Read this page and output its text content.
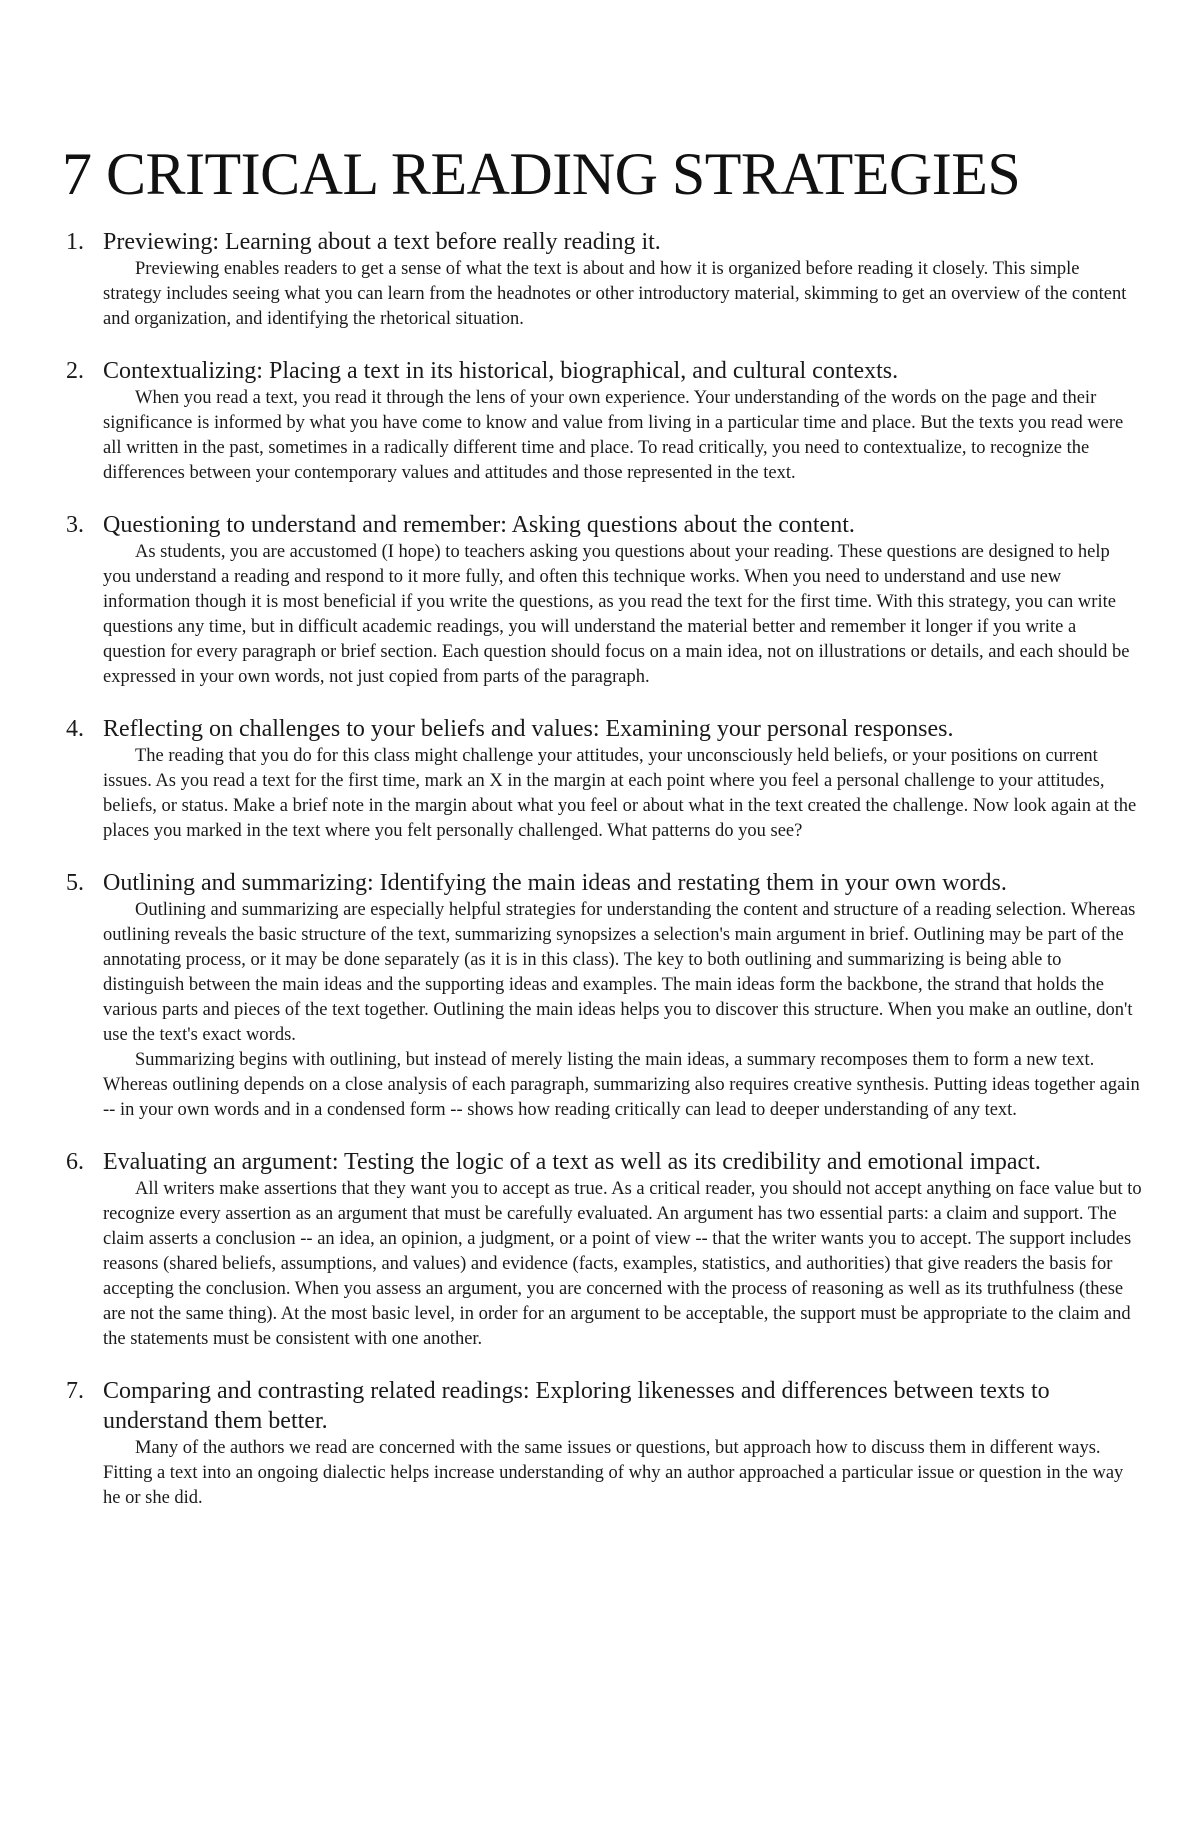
7 CRITICAL READING STRATEGIES
1. Previewing: Learning about a text before really reading it.

Previewing enables readers to get a sense of what the text is about and how it is organized before reading it closely. This simple strategy includes seeing what you can learn from the headnotes or other introductory material, skimming to get an overview of the content and organization, and identifying the rhetorical situation.

2. Contextualizing: Placing a text in its historical, biographical, and cultural contexts.

When you read a text, you read it through the lens of your own experience. Your understanding of the words on the page and their significance is informed by what you have come to know and value from living in a particular time and place. But the texts you read were all written in the past, sometimes in a radically different time and place. To read critically, you need to contextualize, to recognize the differences between your contemporary values and attitudes and those represented in the text.

3. Questioning to understand and remember: Asking questions about the content.

As students, you are accustomed (I hope) to teachers asking you questions about your reading. These questions are designed to help you understand a reading and respond to it more fully, and often this technique works. When you need to understand and use new information though it is most beneficial if you write the questions, as you read the text for the first time. With this strategy, you can write questions any time, but in difficult academic readings, you will understand the material better and remember it longer if you write a question for every paragraph or brief section. Each question should focus on a main idea, not on illustrations or details, and each should be expressed in your own words, not just copied from parts of the paragraph.

4. Reflecting on challenges to your beliefs and values: Examining your personal responses.

The reading that you do for this class might challenge your attitudes, your unconsciously held beliefs, or your positions on current issues. As you read a text for the first time, mark an X in the margin at each point where you feel a personal challenge to your attitudes, beliefs, or status. Make a brief note in the margin about what you feel or about what in the text created the challenge. Now look again at the places you marked in the text where you felt personally challenged. What patterns do you see?

5. Outlining and summarizing: Identifying the main ideas and restating them in your own words.

Outlining and summarizing are especially helpful strategies for understanding the content and structure of a reading selection. Whereas outlining reveals the basic structure of the text, summarizing synopsizes a selection's main argument in brief. Outlining may be part of the annotating process, or it may be done separately (as it is in this class). The key to both outlining and summarizing is being able to distinguish between the main ideas and the supporting ideas and examples. The main ideas form the backbone, the strand that holds the various parts and pieces of the text together. Outlining the main ideas helps you to discover this structure. When you make an outline, don't use the text's exact words.

Summarizing begins with outlining, but instead of merely listing the main ideas, a summary recomposes them to form a new text. Whereas outlining depends on a close analysis of each paragraph, summarizing also requires creative synthesis. Putting ideas together again -- in your own words and in a condensed form -- shows how reading critically can lead to deeper understanding of any text.

6. Evaluating an argument: Testing the logic of a text as well as its credibility and emotional impact.

All writers make assertions that they want you to accept as true. As a critical reader, you should not accept anything on face value but to recognize every assertion as an argument that must be carefully evaluated. An argument has two essential parts: a claim and support. The claim asserts a conclusion -- an idea, an opinion, a judgment, or a point of view -- that the writer wants you to accept. The support includes reasons (shared beliefs, assumptions, and values) and evidence (facts, examples, statistics, and authorities) that give readers the basis for accepting the conclusion. When you assess an argument, you are concerned with the process of reasoning as well as its truthfulness (these are not the same thing). At the most basic level, in order for an argument to be acceptable, the support must be appropriate to the claim and the statements must be consistent with one another.

7. Comparing and contrasting related readings: Exploring likenesses and differences between texts to understand them better.

Many of the authors we read are concerned with the same issues or questions, but approach how to discuss them in different ways. Fitting a text into an ongoing dialectic helps increase understanding of why an author approached a particular issue or question in the way he or she did.
